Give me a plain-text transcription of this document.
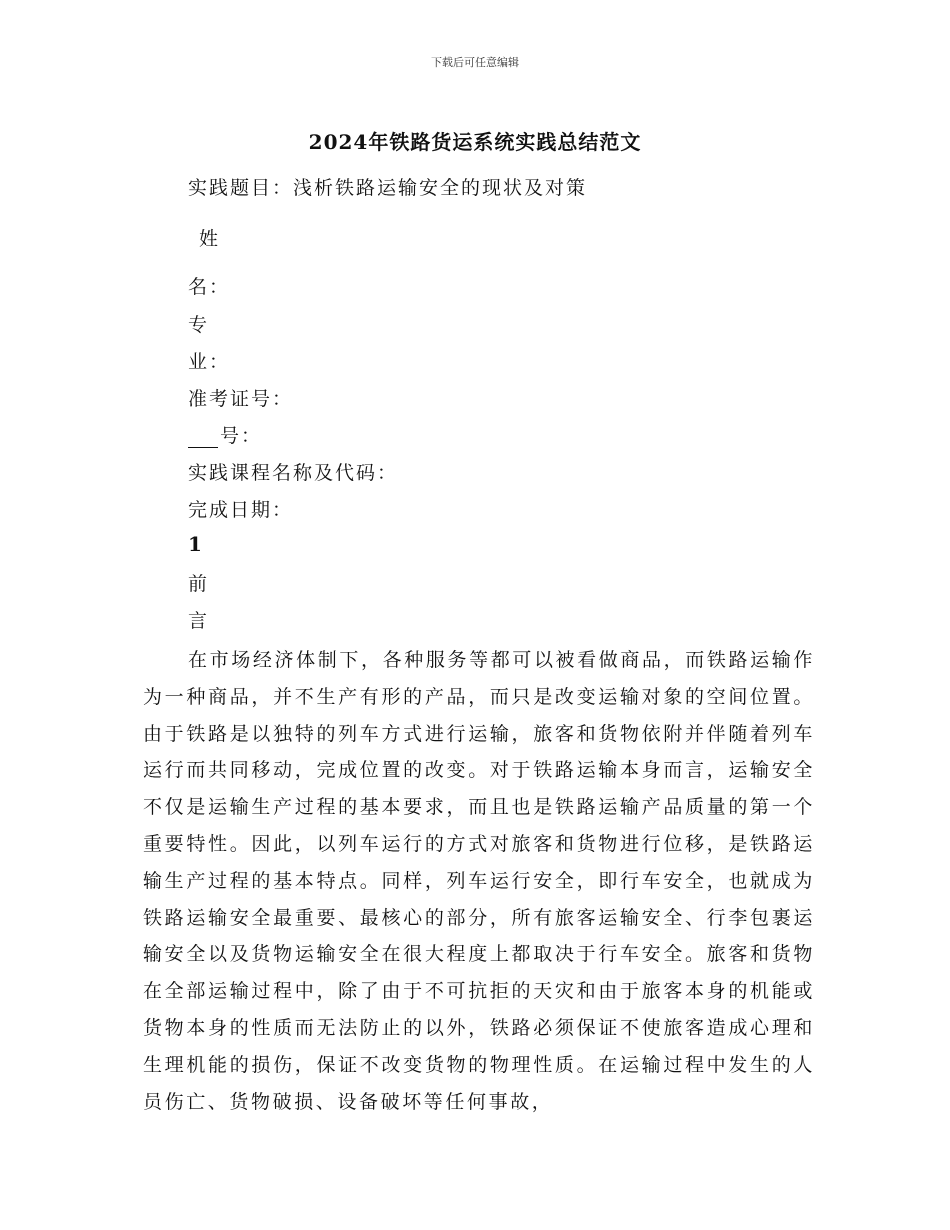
下载后可任意编辑
2024年铁路货运系统实践总结范文
实践题目：浅析铁路运输安全的现状及对策
姓
名：
专
业：
准考证号：
号：
实践课程名称及代码：
完成日期：
1
前
言

在市场经济体制下，各种服务等都可以被看做商品，而铁路运输作为一种商品，并不生产有形的产品，而只是改变运输对象的空间位置。由于铁路是以独特的列车方式进行运输，旅客和货物依附并伴随着列车运行而共同移动，完成位置的改变。对于铁路运输本身而言，运输安全不仅是运输生产过程的基本要求，而且也是铁路运输产品质量的第一个重要特性。因此，以列车运行的方式对旅客和货物进行位移，是铁路运输生产过程的基本特点。同样，列车运行安全，即行车安全，也就成为铁路运输安全最重要、最核心的部分，所有旅客运输安全、行李包裹运输安全以及货物运输安全在很大程度上都取决于行车安全。旅客和货物在全部运输过程中，除了由于不可抗拒的天灾和由于旅客本身的机能或货物本身的性质而无法防止的以外，铁路必须保证不使旅客造成心理和生理机能的损伤，保证不改变货物的物理性质。在运输过程中发生的人员伤亡、货物破损、设备破坏等任何事故，
